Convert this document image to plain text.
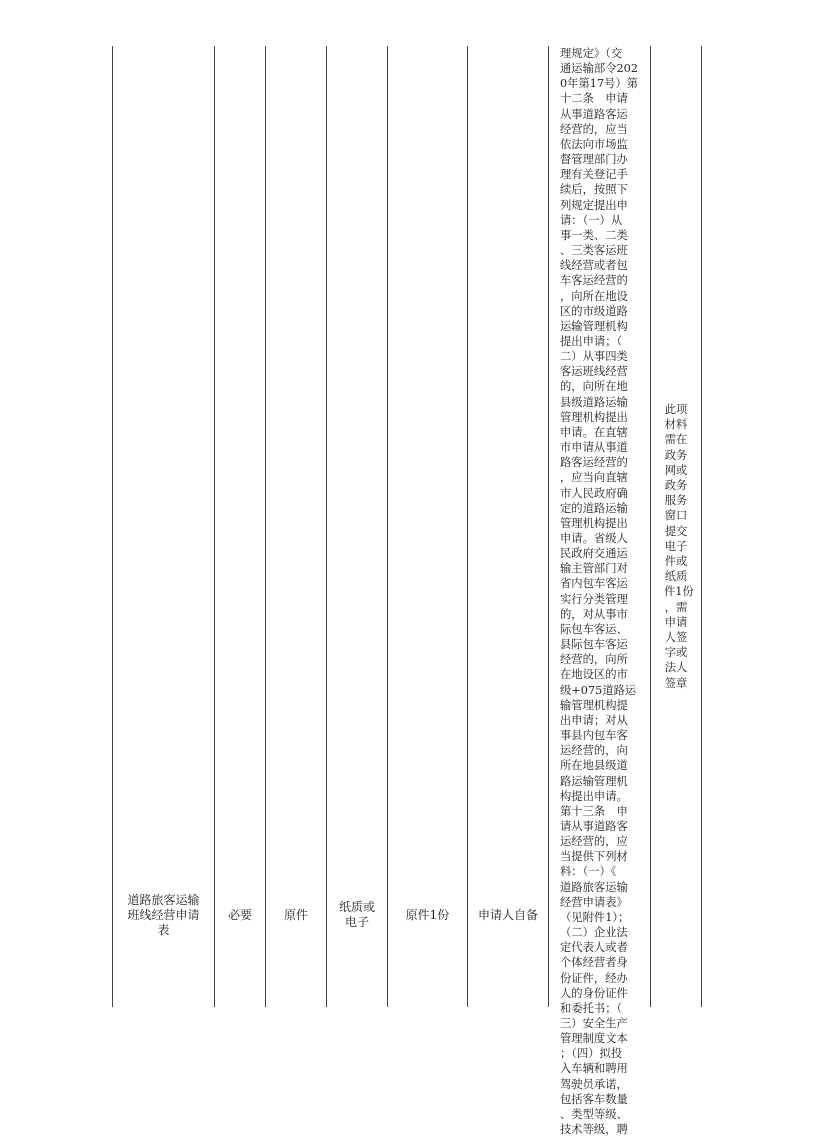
道路旅客运输
班线经营申请
表
必要	原件
纸质或
电子
原件1份	申请人自备
理规定》（交
通运输部令202
0年第17号）第
十二条　申请
从事道路客运
经营的，应当
依法向市场监
督管理部门办
理有关登记手
续后，按照下
列规定提出申
请：（一）从
事一类、二类
、三类客运班
线经营或者包
车客运经营的
，向所在地设
区的市级道路
运输管理机构
提出申请；（
二）从事四类
客运班线经营
的，向所在地
县级道路运输
管理机构提出
申请。在直辖
市申请从事道
路客运经营的
，应当向直辖
市人民政府确
定的道路运输
管理机构提出
申请。省级人
民政府交通运
输主管部门对
省内包车客运
实行分类管理
的，对从事市
际包车客运、
县际包车客运
经营的，向所
在地设区的市
级+075道路运
输管理机构提
出申请；对从
事县内包车客
运经营的，向
所在地县级道
路运输管理机
构提出申请。
第十三条　申
请从事道路客
运经营的，应
当提供下列材
料：（一）《
道路旅客运输
经营申请表》
（见附件1）；
（二）企业法
定代表人或者
个体经营者身
份证件，经办
人的身份证件
和委托书；（
三）安全生产
管理制度文本
；（四）拟投
入车辆和聘用
驾驶员承诺，
包括客车数量
、类型等级、
技术等级，聘
此项
材料
需在
政务
网或
政务
服务
窗口
提交
电子
件或
纸质
件1份
，需
申请
人签
字或
法人
签章
